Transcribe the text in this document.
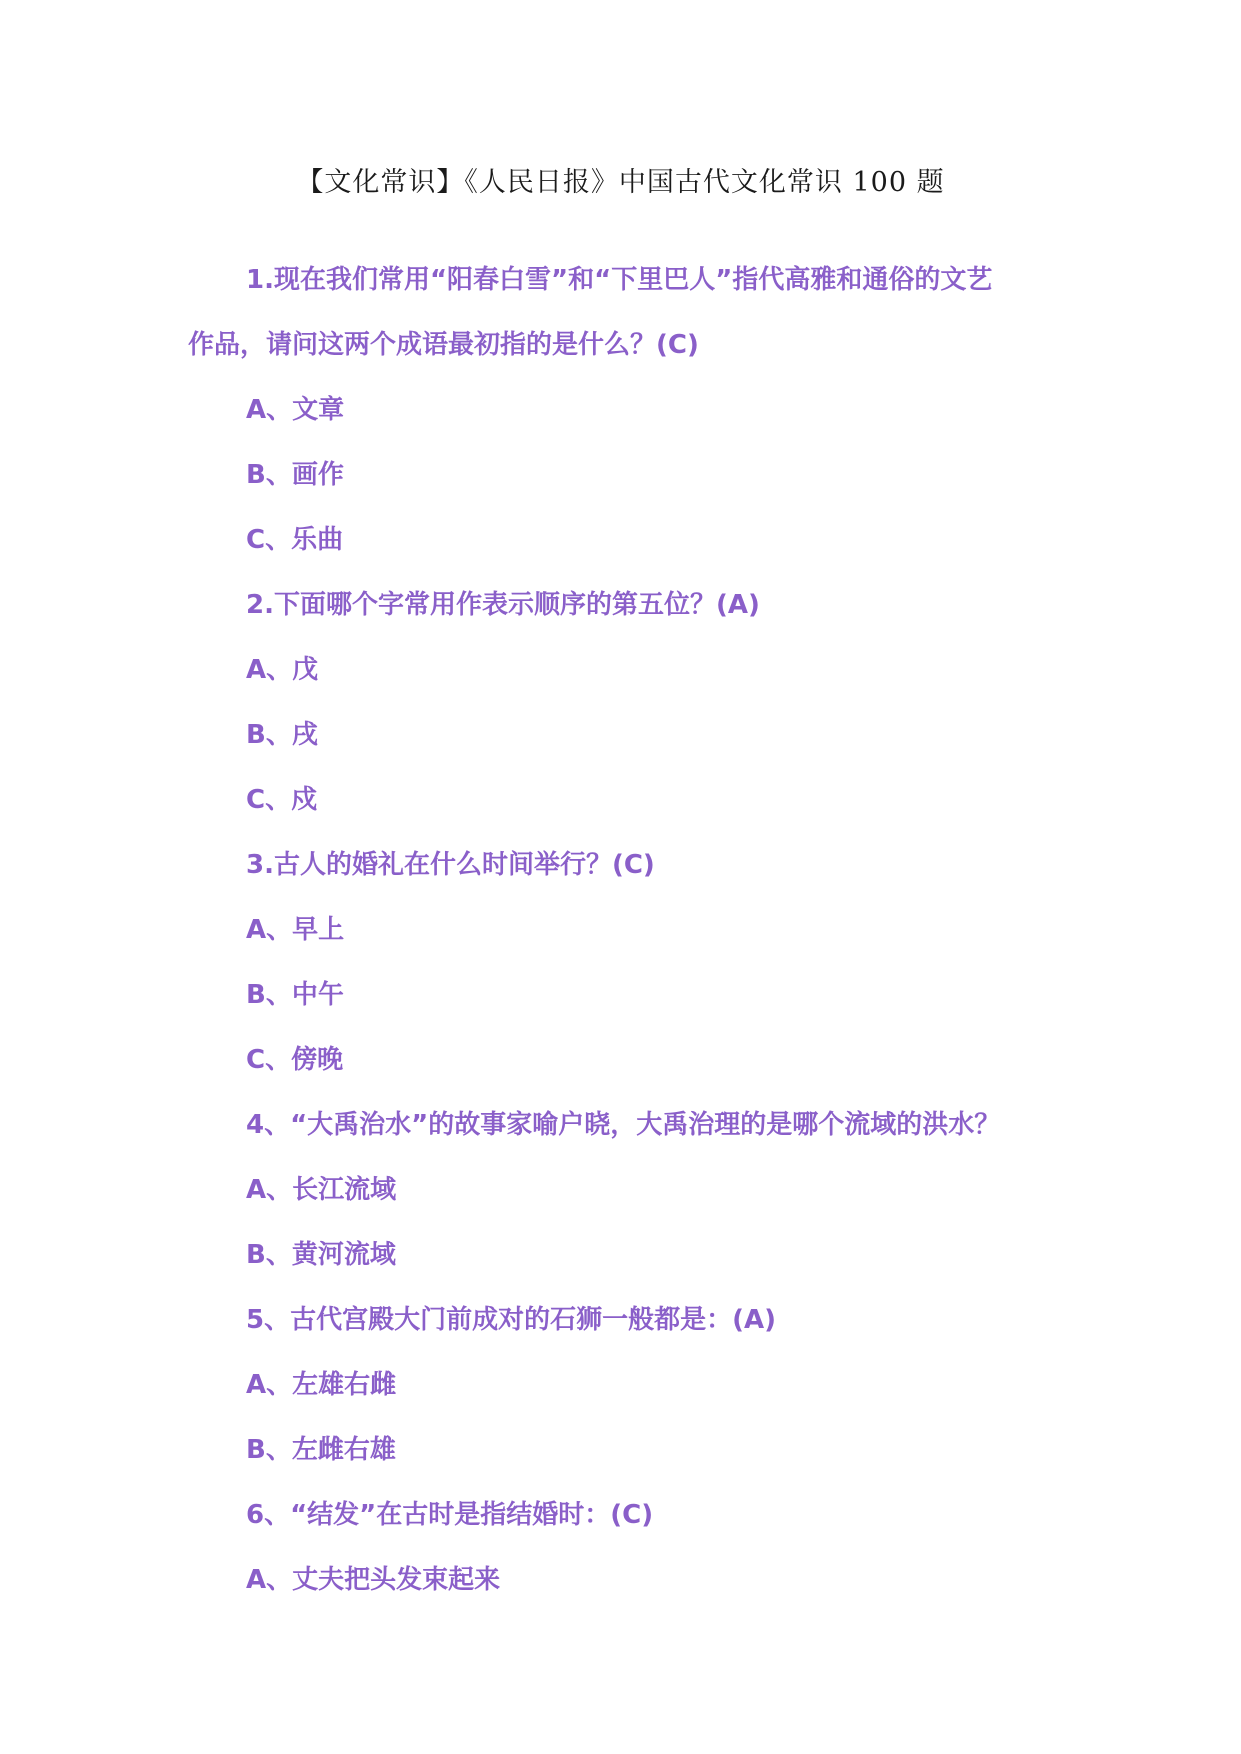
【文化常识】《人民日报》中国古代文化常识 100 题
1.现在我们常用“阳春白雪”和“下里巴人”指代高雅和通俗的文艺
作品，请问这两个成语最初指的是什么？(C)
A、文章
B、画作
C、乐曲
2.下面哪个字常用作表示顺序的第五位？(A)
A、戊
B、戌
C、戍
3.古人的婚礼在什么时间举行？(C)
A、早上
B、中午
C、傍晚
4、“大禹治水”的故事家喻户晓，大禹治理的是哪个流域的洪水？
A、长江流域
B、黄河流域
5、古代宫殿大门前成对的石狮一般都是：(A)
A、左雄右雌
B、左雌右雄
6、“结发”在古时是指结婚时：(C)
A、丈夫把头发束起来
